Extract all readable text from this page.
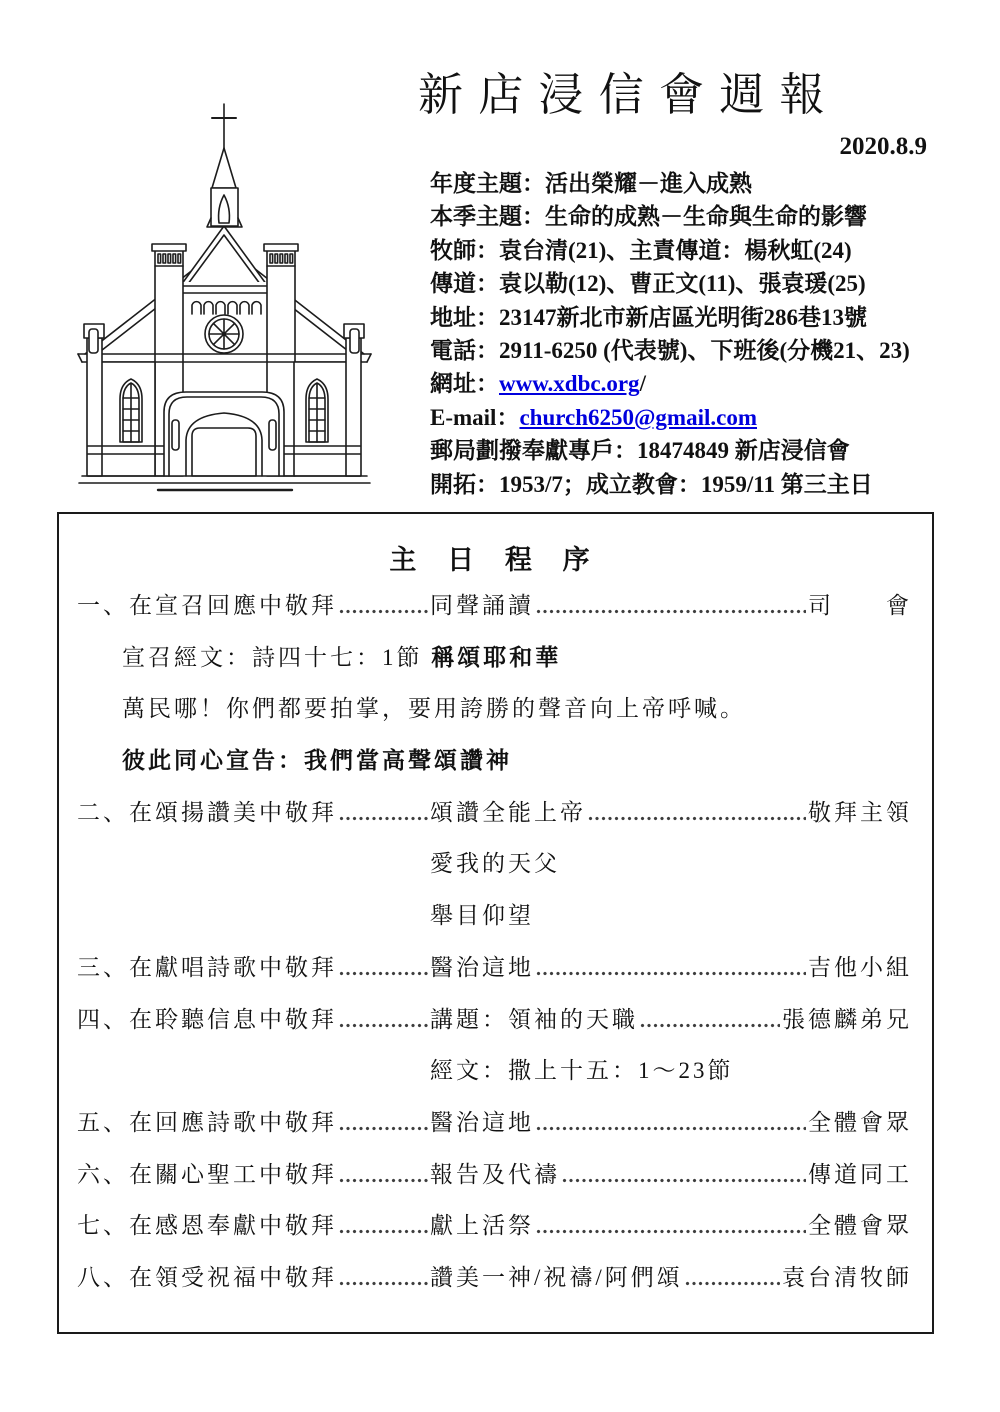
新 店 浸 信 會 週 報
2020.8.9
年度主題：活出榮耀－進入成熟
本季主題：生命的成熟－生命與生命的影響
牧師：袁台清(21)、主責傳道：楊秋虹(24)
傳道：袁以勒(12)、曹正文(11)、張袁瑗(25)
地址：23147新北市新店區光明街286巷13號
電話：2911-6250 (代表號)、下班後(分機21、23)
網址：www.xdbc.org/
E-mail：church6250@gmail.com
郵局劃撥奉獻專戶：18474849 新店浸信會
開拓：1953/7；成立教會：1959/11 第三主日
主 日 程 序
一、在宣召回應中敬拜	同聲誦讀	司　　會
宣召經文：詩四十七：1節 稱頌耶和華
萬民哪！你們都要拍掌，要用誇勝的聲音向上帝呼喊。
彼此同心宣告：我們當高聲頌讚神
二、在頌揚讚美中敬拜	頌讚全能上帝	敬拜主領
愛我的天父
舉目仰望
三、在獻唱詩歌中敬拜	醫治這地	吉他小組
四、在聆聽信息中敬拜	講題：領袖的天職	張德麟弟兄
經文：撒上十五：1～23節
五、在回應詩歌中敬拜	醫治這地	全體會眾
六、在關心聖工中敬拜	報告及代禱	傳道同工
七、在感恩奉獻中敬拜	獻上活祭	全體會眾
八、在領受祝福中敬拜	讚美一神/祝禱/阿們頌	袁台清牧師
